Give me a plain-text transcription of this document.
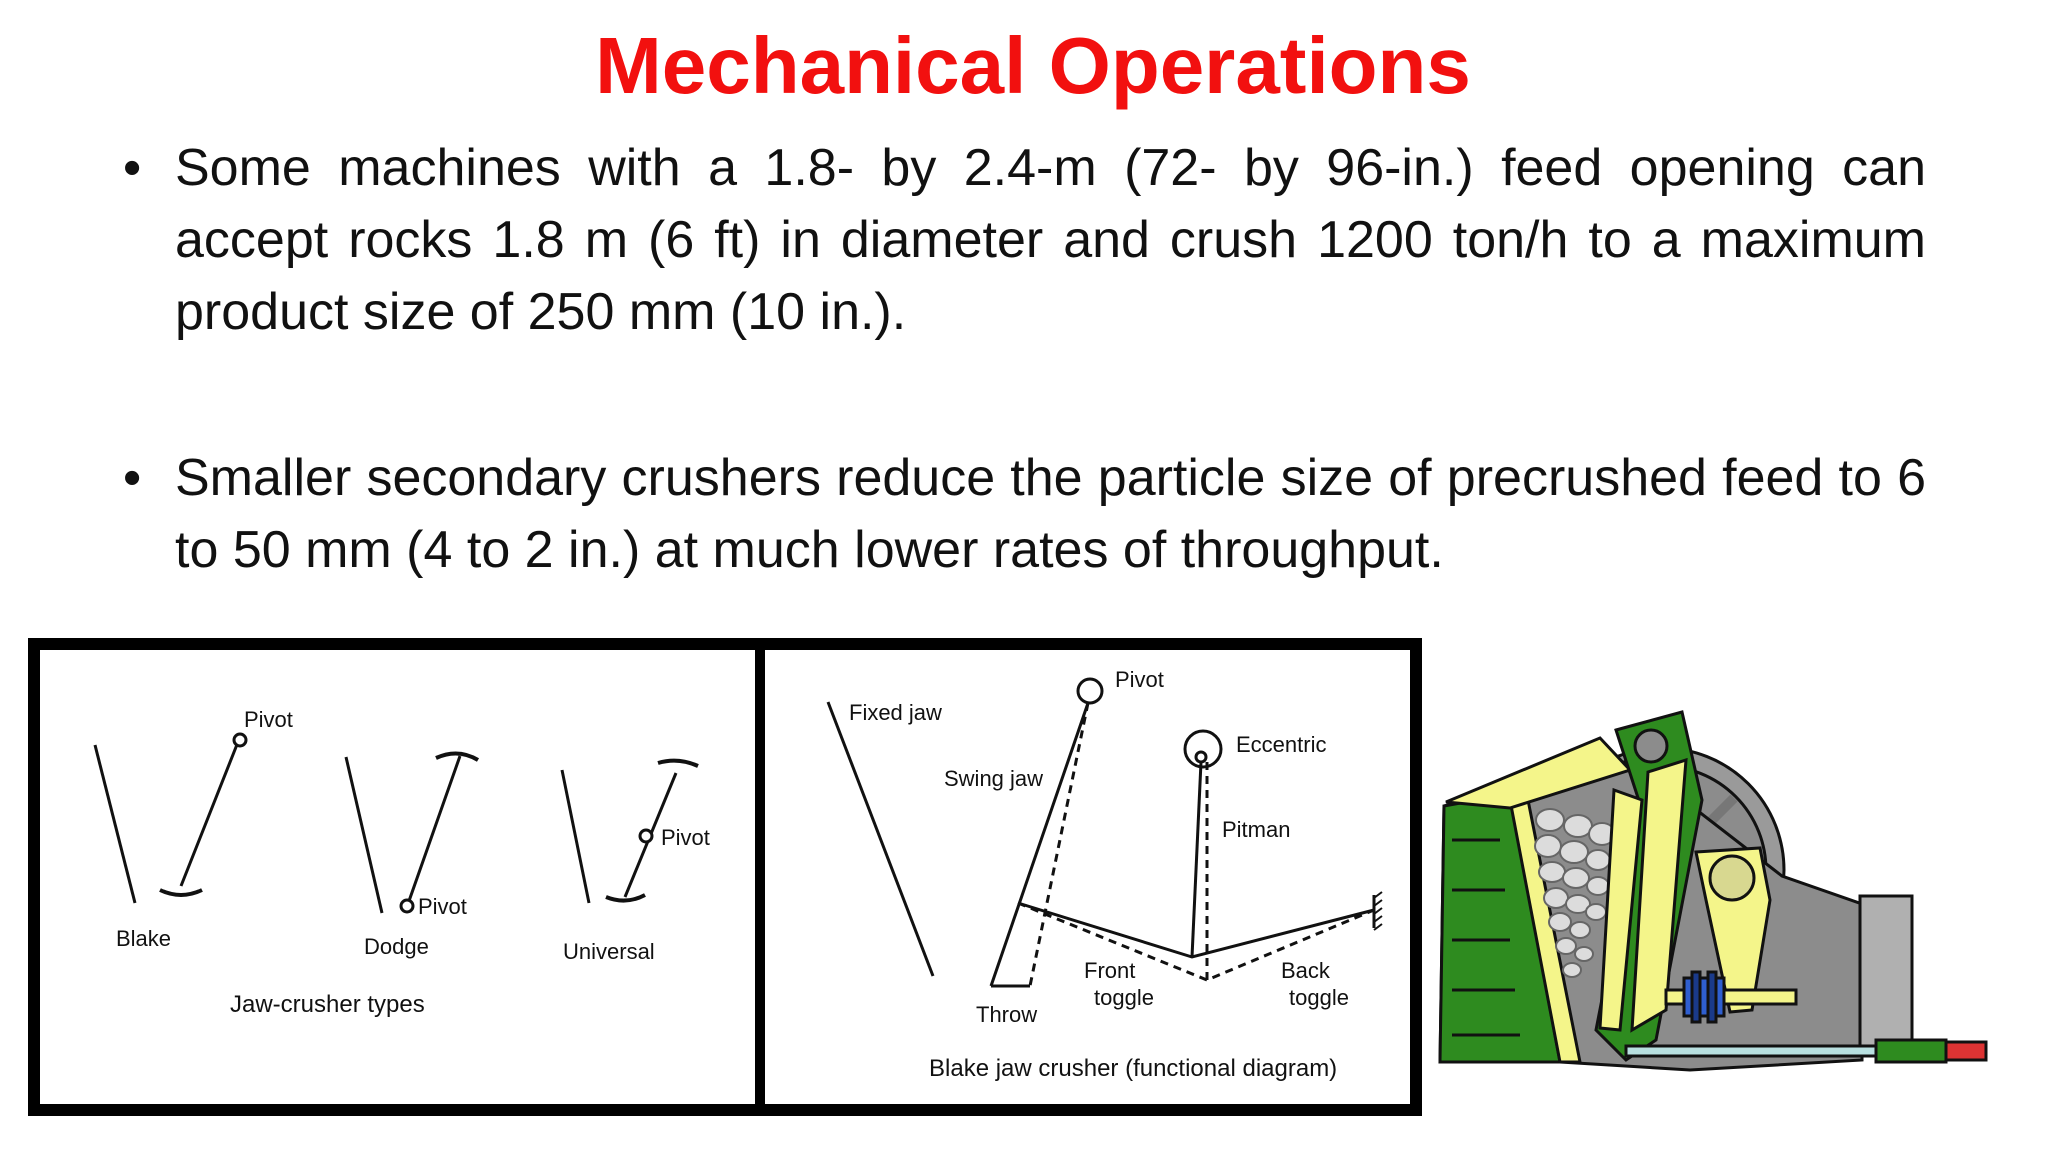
Mechanical Operations
• Some machines with a 1.8- by 2.4-m (72- by 96-in.) feed opening can accept rocks 1.8 m (6 ft) in diameter and crush 1200 ton/h to a maximum product size of 250 mm (10 in.).
• Smaller secondary crushers reduce the particle size of precrushed feed to 6 to 50 mm (4 to 2 in.) at much lower rates of throughput.
Pivot
Pivot
Pivot
Blake	Dodge	Universal
Jaw-crusher types
Fixed jaw
Pivot
Eccentric
Swing jaw
Pitman
Front
toggle
Back
toggle
Throw
Blake jaw crusher (functional diagram)
